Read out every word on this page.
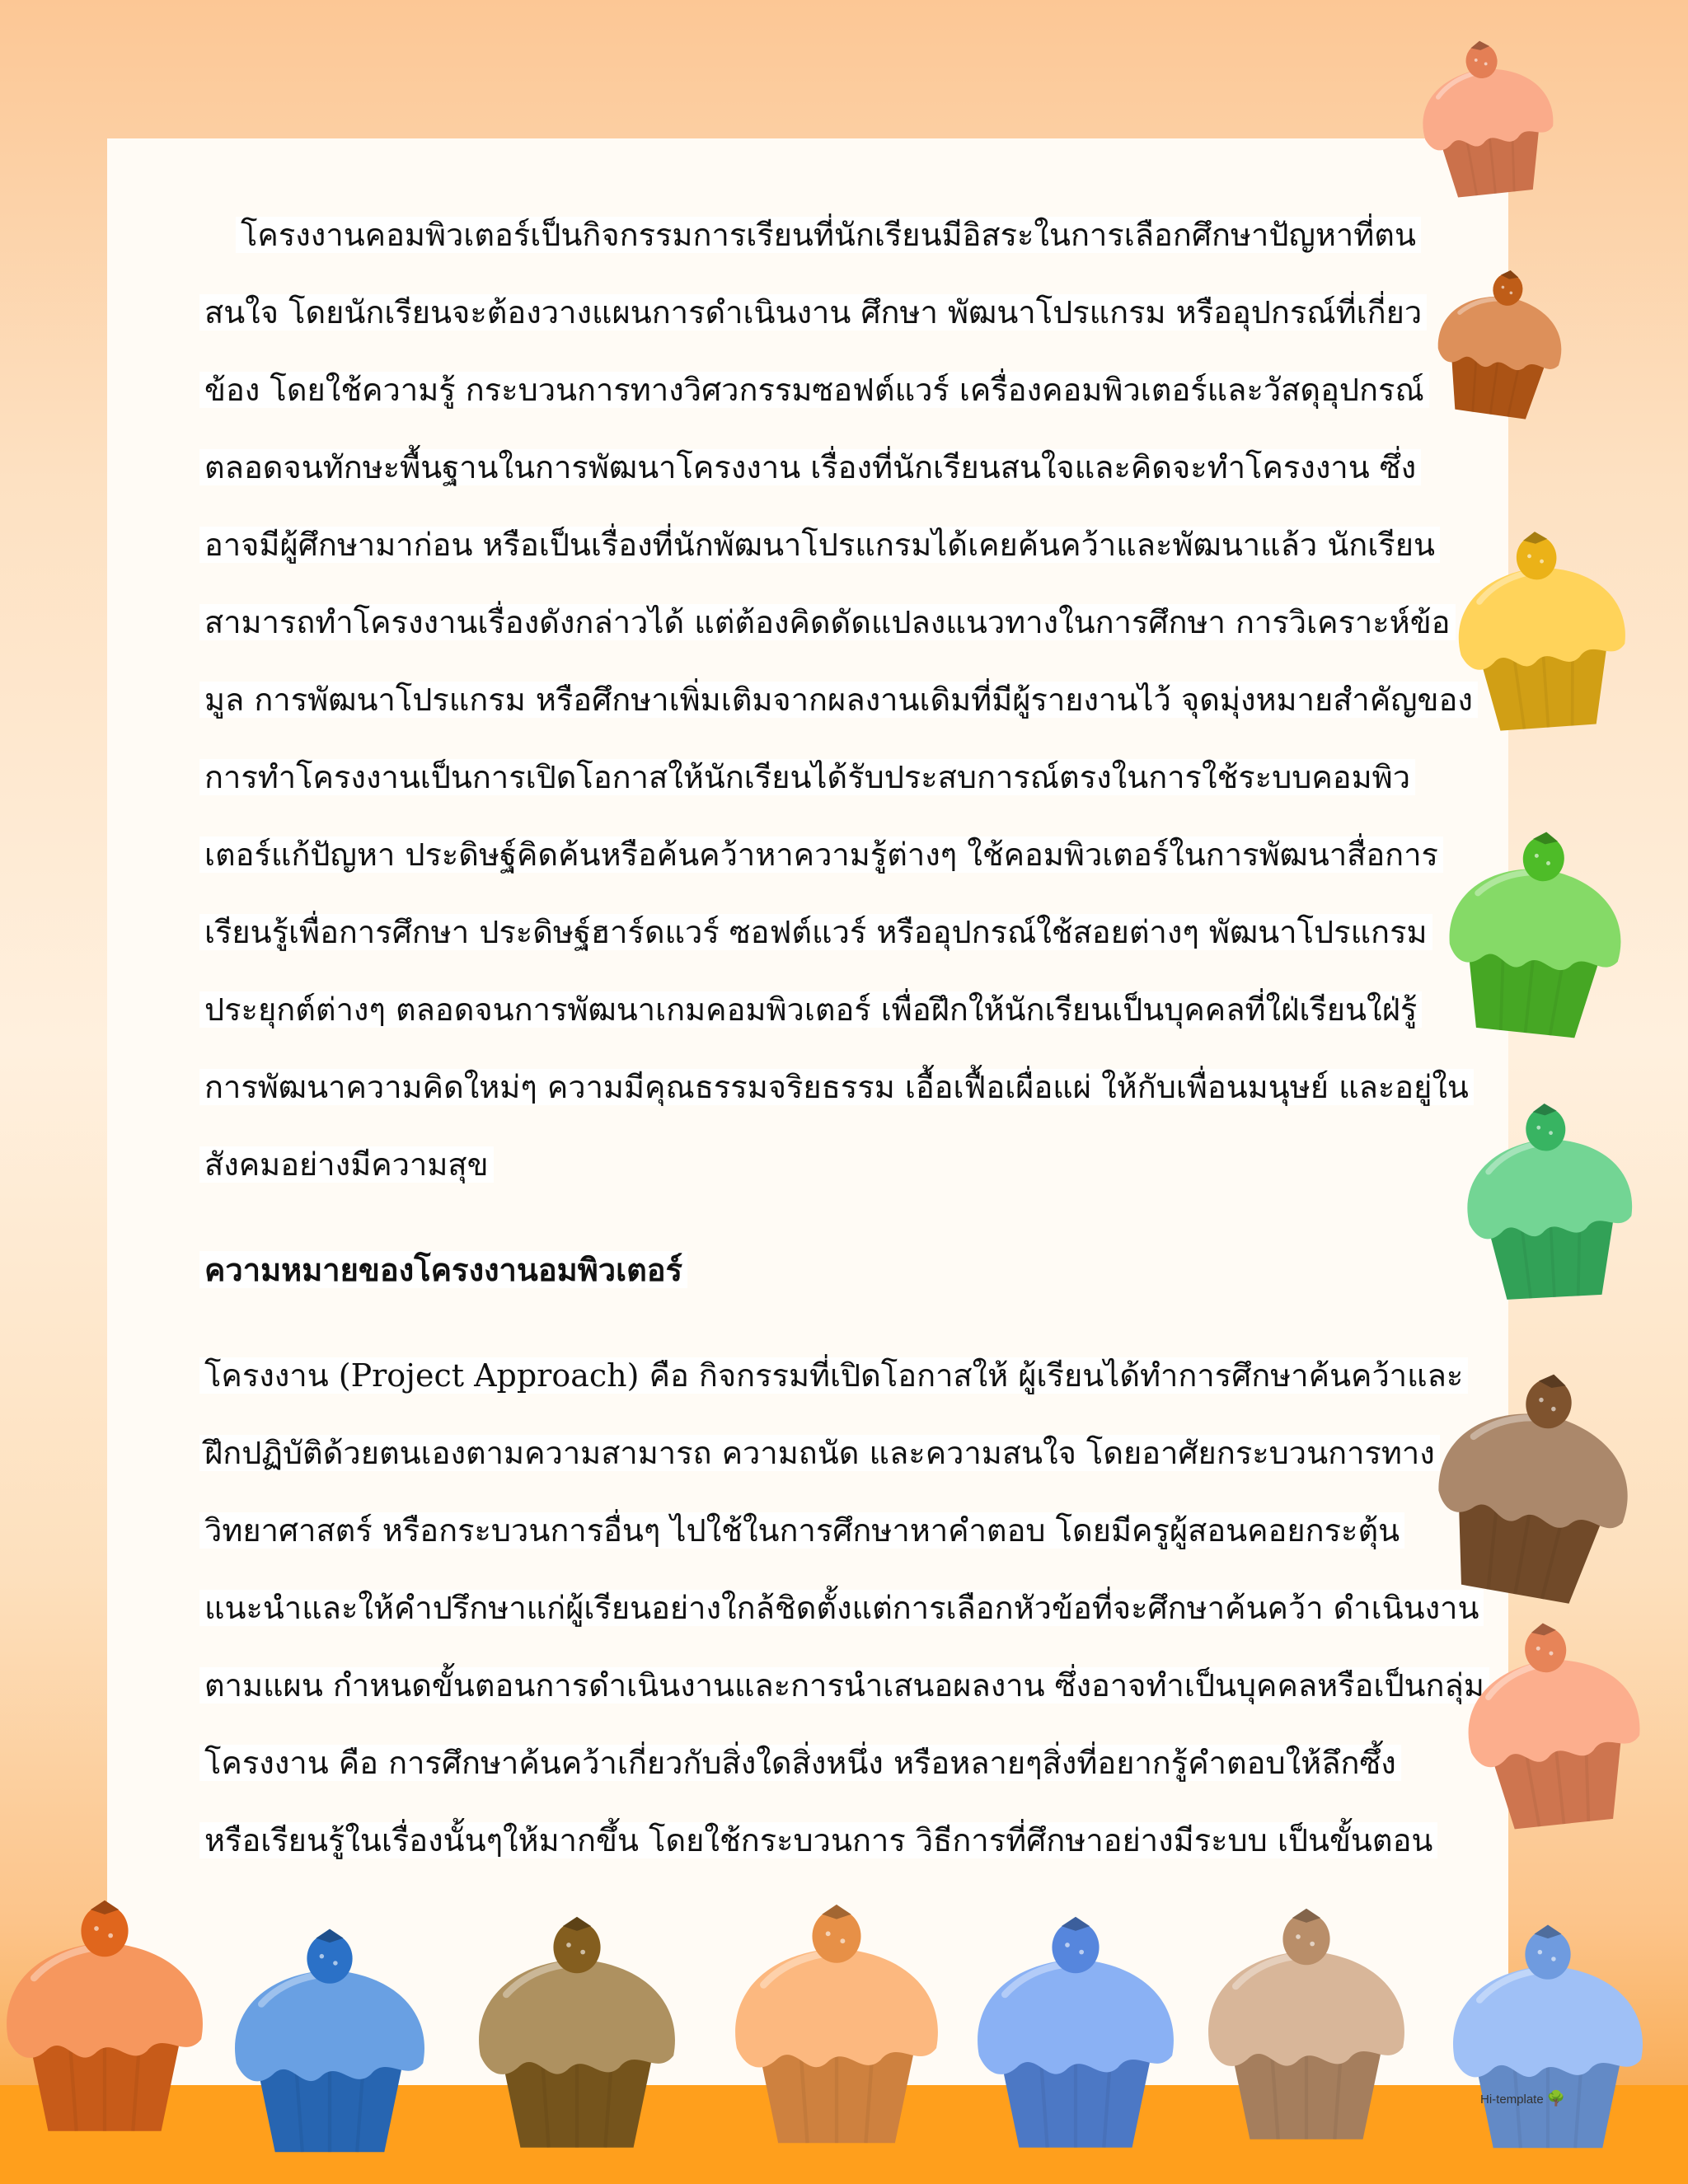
โครงงานคอมพิวเตอร์เป็นกิจกรรมการเรียนที่นักเรียนมีอิสระในการเลือกศึกษาปัญหาที่ตน
สนใจ โดยนักเรียนจะต้องวางแผนการดำเนินงาน ศึกษา พัฒนาโปรแกรม หรืออุปกรณ์ที่เกี่ยว
ข้อง โดยใช้ความรู้ กระบวนการทางวิศวกรรมซอฟต์แวร์ เครื่องคอมพิวเตอร์และวัสดุอุปกรณ์
ตลอดจนทักษะพื้นฐานในการพัฒนาโครงงาน เรื่องที่นักเรียนสนใจและคิดจะทำโครงงาน ซึ่ง
อาจมีผู้ศึกษามาก่อน หรือเป็นเรื่องที่นักพัฒนาโปรแกรมได้เคยค้นคว้าและพัฒนาแล้ว นักเรียน
สามารถทำโครงงานเรื่องดังกล่าวได้ แต่ต้องคิดดัดแปลงแนวทางในการศึกษา การวิเคราะห์ข้อ
มูล การพัฒนาโปรแกรม หรือศึกษาเพิ่มเติมจากผลงานเดิมที่มีผู้รายงานไว้ จุดมุ่งหมายสำคัญของ
การทำโครงงานเป็นการเปิดโอกาสให้นักเรียนได้รับประสบการณ์ตรงในการใช้ระบบคอมพิว
เตอร์แก้ปัญหา ประดิษฐ์คิดค้นหรือค้นคว้าหาความรู้ต่างๆ ใช้คอมพิวเตอร์ในการพัฒนาสื่อการ
เรียนรู้เพื่อการศึกษา ประดิษฐ์ฮาร์ดแวร์ ซอฟต์แวร์ หรืออุปกรณ์ใช้สอยต่างๆ พัฒนาโปรแกรม
ประยุกต์ต่างๆ ตลอดจนการพัฒนาเกมคอมพิวเตอร์ เพื่อฝึกให้นักเรียนเป็นบุคคลที่ใฝ่เรียนใฝ่รู้
การพัฒนาความคิดใหม่ๆ ความมีคุณธรรมจริยธรรม เอื้อเฟื้อเผื่อแผ่ ให้กับเพื่อนมนุษย์ และอยู่ใน
สังคมอย่างมีความสุข
ความหมายของโครงงานอมพิวเตอร์
โครงงาน (Project Approach) คือ กิจกรรมที่เปิดโอกาสให้ ผู้เรียนได้ทำการศึกษาค้นคว้าและ
ฝึกปฏิบัติด้วยตนเองตามความสามารถ ความถนัด และความสนใจ โดยอาศัยกระบวนการทาง
วิทยาศาสตร์ หรือกระบวนการอื่นๆ ไปใช้ในการศึกษาหาคำตอบ โดยมีครูผู้สอนคอยกระตุ้น
แนะนำและให้คำปรึกษาแก่ผู้เรียนอย่างใกล้ชิดตั้งแต่การเลือกหัวข้อที่จะศึกษาค้นคว้า ดำเนินงาน
ตามแผน กำหนดขั้นตอนการดำเนินงานและการนำเสนอผลงาน ซึ่งอาจทำเป็นบุคคลหรือเป็นกลุ่ม
โครงงาน คือ การศึกษาค้นคว้าเกี่ยวกับสิ่งใดสิ่งหนึ่ง หรือหลายๆสิ่งที่อยากรู้คำตอบให้ลึกซึ้ง
หรือเรียนรู้ในเรื่องนั้นๆให้มากขึ้น โดยใช้กระบวนการ วิธีการที่ศึกษาอย่างมีระบบ เป็นขั้นตอน
Hi-template 🌳
